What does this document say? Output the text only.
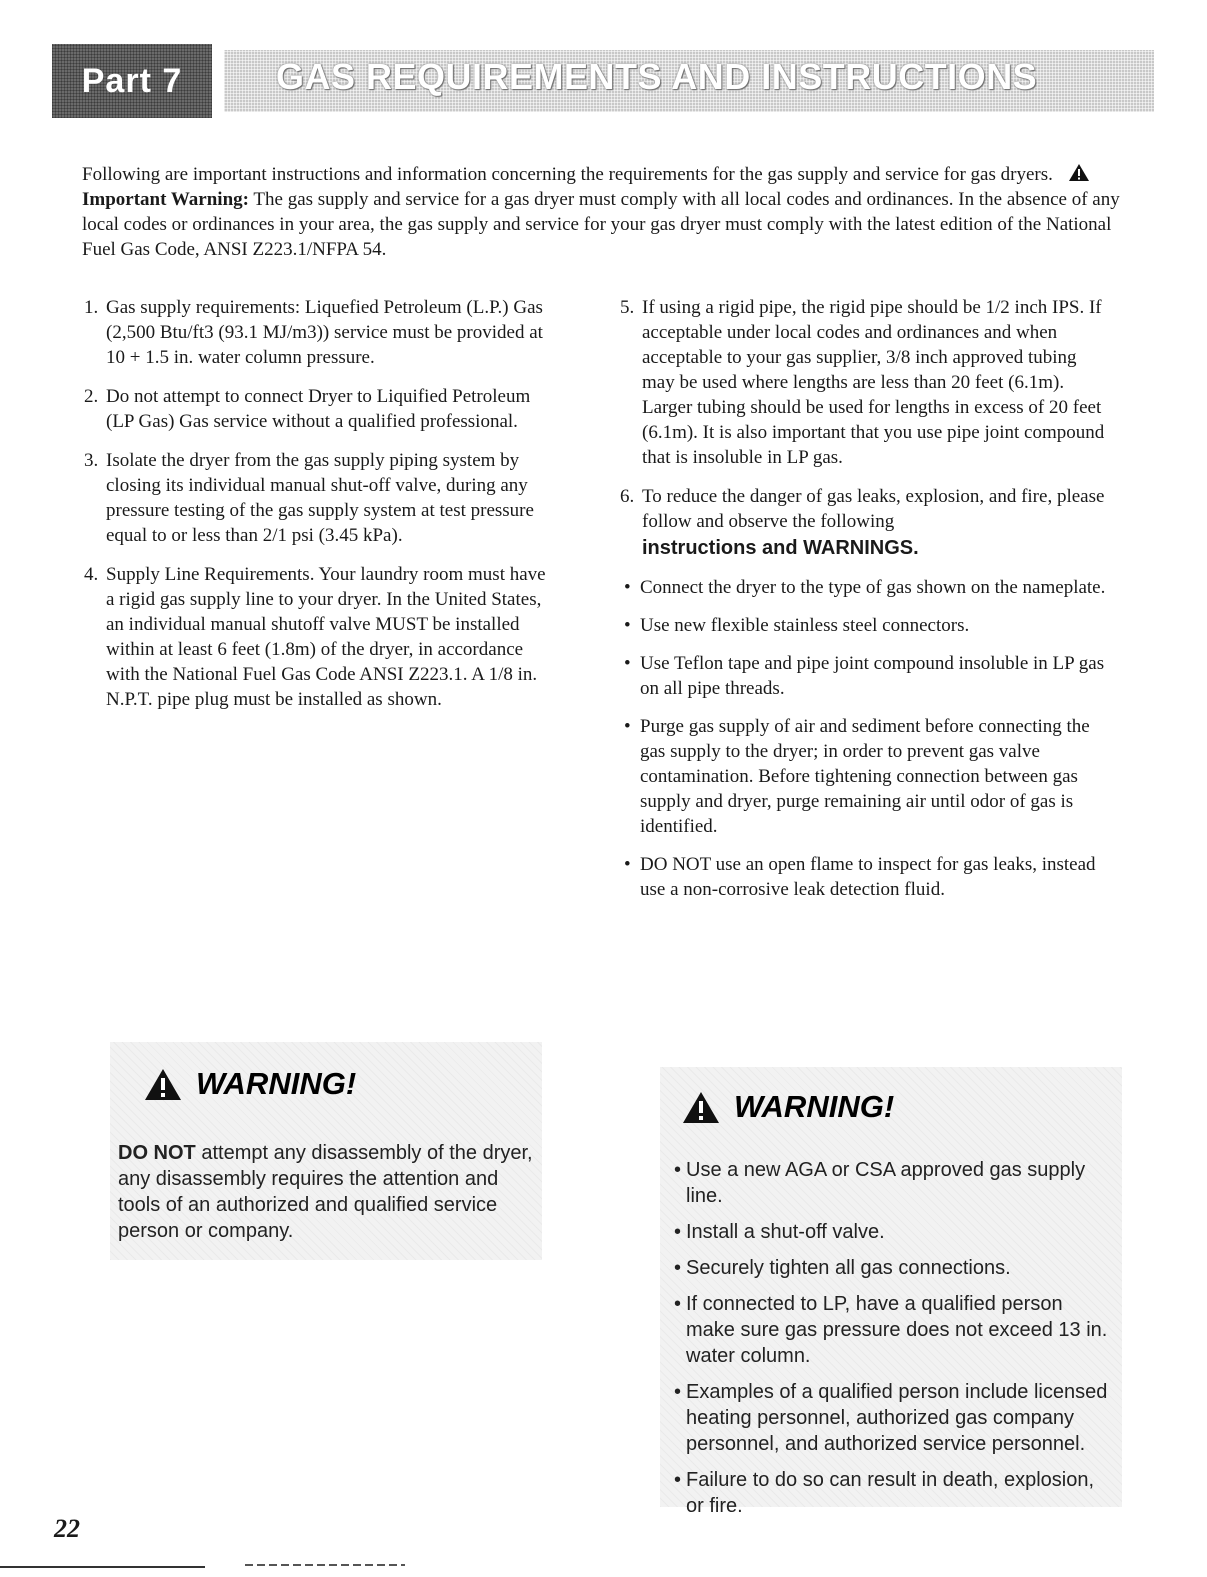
Part 7	GAS REQUIREMENTS AND INSTRUCTIONS

Following are important instructions and information concerning the requirements for the gas supply and service for gas dryers.  Important Warning: The gas supply and service for a gas dryer must comply with all local codes and ordinances. In the absence of any local codes or ordinances in your area, the gas supply and service for your gas dryer must comply with the latest edition of the National Fuel Gas Code, ANSI Z223.1/NFPA 54.

1. Gas supply requirements: Liquefied Petroleum (L.P.) Gas (2,500 Btu/ft3 (93.1 MJ/m3)) service must be provided at 10 + 1.5 in. water column pressure.
2. Do not attempt to connect Dryer to Liquified Petroleum (LP Gas) Gas service without a qualified professional.
3. Isolate the dryer from the gas supply piping system by closing its individual manual shut-off valve, during any pressure testing of the gas supply system at test pressure equal to or less than 2/1 psi (3.45 kPa).
4. Supply Line Requirements. Your laundry room must have a rigid gas supply line to your dryer. In the United States, an individual manual shutoff valve MUST be installed within at least 6 feet (1.8m) of the dryer, in accordance with the National Fuel Gas Code ANSI Z223.1. A 1/8 in. N.P.T. pipe plug must be installed as shown.
5. If using a rigid pipe, the rigid pipe should be 1/2 inch IPS. If acceptable under local codes and ordinances and when acceptable to your gas supplier, 3/8 inch approved tubing may be used where lengths are less than 20 feet (6.1m). Larger tubing should be used for lengths in excess of 20 feet (6.1m). It is also important that you use pipe joint compound that is insoluble in LP gas.
6. To reduce the danger of gas leaks, explosion, and fire, please follow and observe the following
instructions and WARNINGS.
• Connect the dryer to the type of gas shown on the nameplate.
• Use new flexible stainless steel connectors.
• Use Teflon tape and pipe joint compound insoluble in LP gas on all pipe threads.
• Purge gas supply of air and sediment before connecting the gas supply to the dryer; in order to prevent gas valve contamination. Before tightening connection between gas supply and dryer, purge remaining air until odor of gas is identified.
• DO NOT use an open flame to inspect for gas leaks, instead use a non-corrosive leak detection fluid.
WARNING!

DO NOT attempt any disassembly of the dryer, any disassembly requires the attention and tools of an authorized and qualified service person or company.

WARNING!
• Use a new AGA or CSA approved gas supply line.
• Install a shut-off valve.
• Securely tighten all gas connections.
• If connected to LP, have a qualified person make sure gas pressure does not exceed 13 in. water column.
• Examples of a qualified person include licensed heating personnel, authorized gas company personnel, and authorized service personnel.
• Failure to do so can result in death, explosion, or fire.
22
